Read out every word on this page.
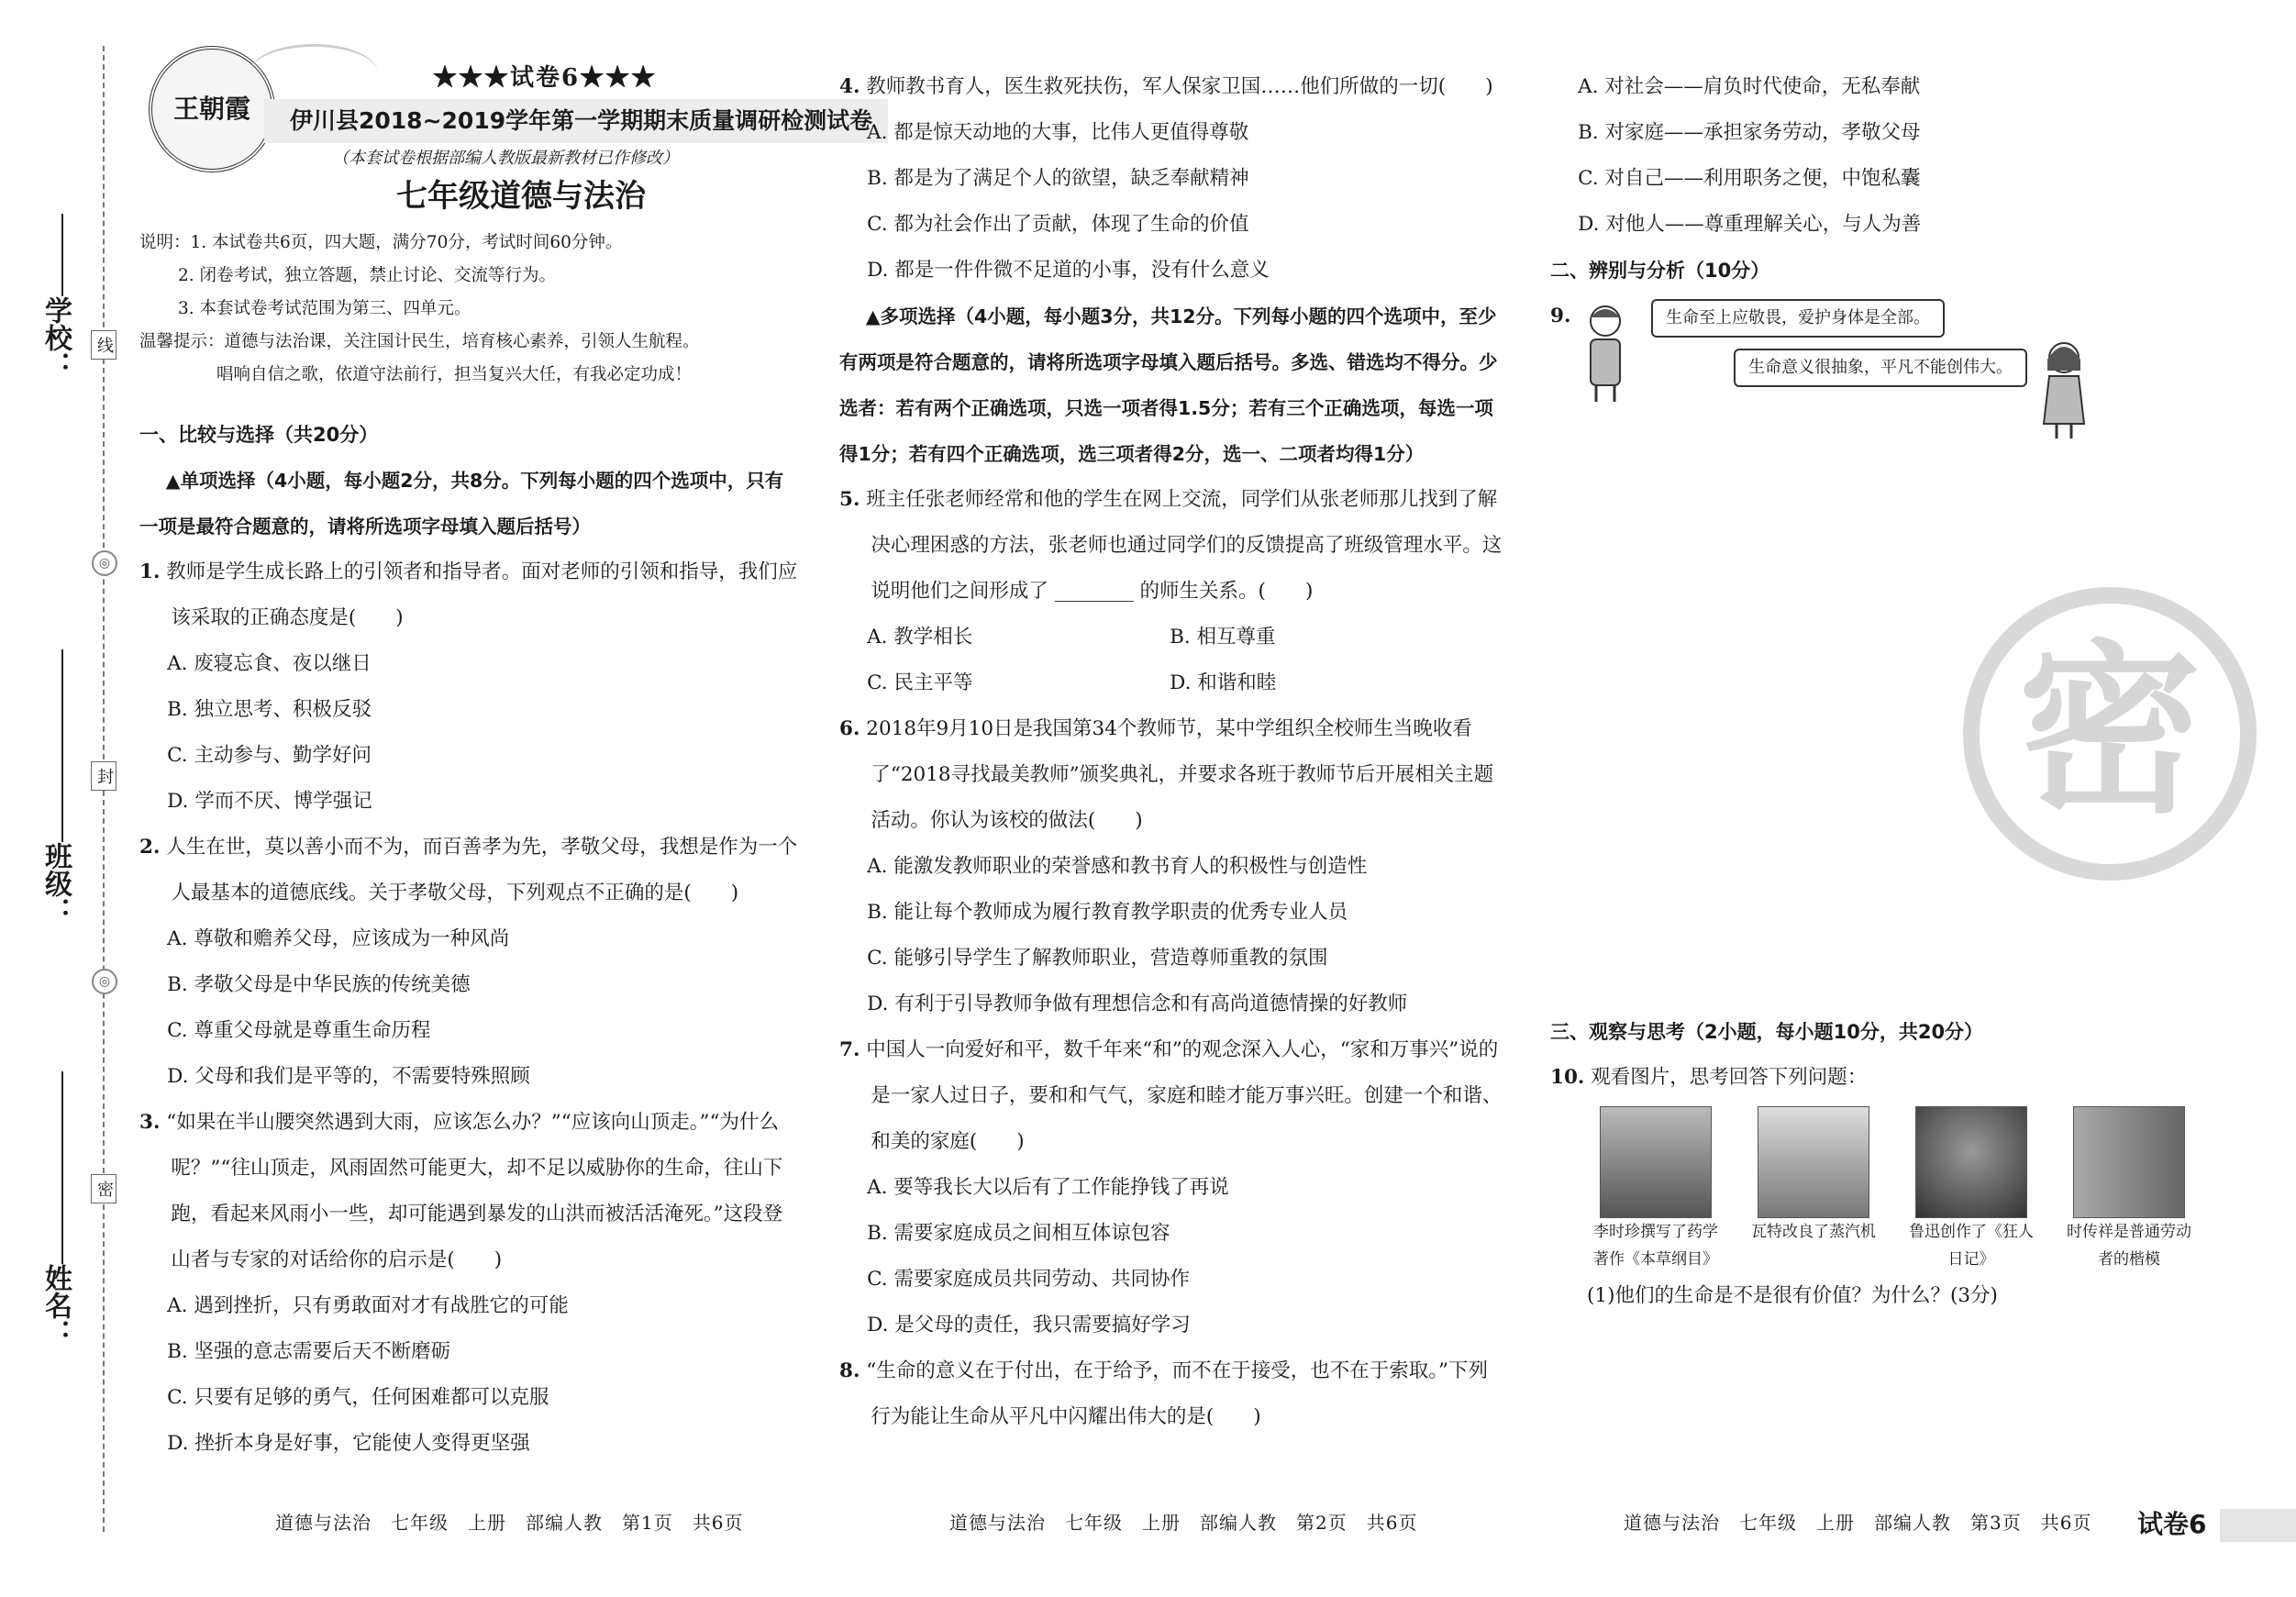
学校：
班级：
姓名：
线
◎
封
◎
密
王朝霞
★★★试卷6★★★
伊川县2018~2019学年第一学期期末质量调研检测试卷
（本套试卷根据部编人教版最新教材已作修改）
七年级道德与法治
说明：1. 本试卷共6页，四大题，满分70分，考试时间60分钟。
2. 闭卷考试，独立答题，禁止讨论、交流等行为。
3. 本套试卷考试范围为第三、四单元。
温馨提示：道德与法治课，关注国计民生，培育核心素养，引领人生航程。
唱响自信之歌，依道守法前行，担当复兴大任，有我必定功成！
一、比较与选择（共20分）
▲单项选择（4小题，每小题2分，共8分。下列每小题的四个选项中，只有一项是最符合题意的，请将所选项字母填入题后括号）
1. 教师是学生成长路上的引领者和指导者。面对老师的引领和指导，我们应该采取的正确态度是(　　)
A. 废寝忘食、夜以继日
B. 独立思考、积极反驳
C. 主动参与、勤学好问
D. 学而不厌、博学强记
2. 人生在世，莫以善小而不为，而百善孝为先，孝敬父母，我想是作为一个人最基本的道德底线。关于孝敬父母，下列观点不正确的是(　　)
A. 尊敬和赡养父母，应该成为一种风尚
B. 孝敬父母是中华民族的传统美德
C. 尊重父母就是尊重生命历程
D. 父母和我们是平等的，不需要特殊照顾
3. “如果在半山腰突然遇到大雨，应该怎么办？”“应该向山顶走。”“为什么呢？”“往山顶走，风雨固然可能更大，却不足以威胁你的生命，往山下跑，看起来风雨小一些，却可能遇到暴发的山洪而被活活淹死。”这段登山者与专家的对话给你的启示是(　　)
A. 遇到挫折，只有勇敢面对才有战胜它的可能
B. 坚强的意志需要后天不断磨砺
C. 只要有足够的勇气，任何困难都可以克服
D. 挫折本身是好事，它能使人变得更坚强
4. 教师教书育人，医生救死扶伤，军人保家卫国……他们所做的一切(　　)
A. 都是惊天动地的大事，比伟人更值得尊敬
B. 都是为了满足个人的欲望，缺乏奉献精神
C. 都为社会作出了贡献，体现了生命的价值
D. 都是一件件微不足道的小事，没有什么意义
▲多项选择（4小题，每小题3分，共12分。下列每小题的四个选项中，至少有两项是符合题意的，请将所选项字母填入题后括号。多选、错选均不得分。少选者：若有两个正确选项，只选一项者得1.5分；若有三个正确选项，每选一项得1分；若有四个正确选项，选三项者得2分，选一、二项者均得1分）
5. 班主任张老师经常和他的学生在网上交流，同学们从张老师那儿找到了解决心理困惑的方法，张老师也通过同学们的反馈提高了班级管理水平。这说明他们之间形成了 ________ 的师生关系。(　　)
A. 教学相长	B. 相互尊重
C. 民主平等	D. 和谐和睦
6. 2018年9月10日是我国第34个教师节，某中学组织全校师生当晚收看了“2018寻找最美教师”颁奖典礼，并要求各班于教师节后开展相关主题活动。你认为该校的做法(　　)
A. 能激发教师职业的荣誉感和教书育人的积极性与创造性
B. 能让每个教师成为履行教育教学职责的优秀专业人员
C. 能够引导学生了解教师职业，营造尊师重教的氛围
D. 有利于引导教师争做有理想信念和有高尚道德情操的好教师
7. 中国人一向爱好和平，数千年来“和”的观念深入人心，“家和万事兴”说的是一家人过日子，要和和气气，家庭和睦才能万事兴旺。创建一个和谐、和美的家庭(　　)
A. 要等我长大以后有了工作能挣钱了再说
B. 需要家庭成员之间相互体谅包容
C. 需要家庭成员共同劳动、共同协作
D. 是父母的责任，我只需要搞好学习
8. “生命的意义在于付出，在于给予，而不在于接受，也不在于索取。”下列行为能让生命从平凡中闪耀出伟大的是(　　)
A. 对社会——肩负时代使命，无私奉献
B. 对家庭——承担家务劳动，孝敬父母
C. 对自己——利用职务之便，中饱私囊
D. 对他人——尊重理解关心，与人为善
二、辨别与分析（10分）
9.	生命至上应敬畏，爱护身体是全部。
生命意义很抽象，平凡不能创伟大。
三、观察与思考（2小题，每小题10分，共20分）
10. 观看图片，思考回答下列问题：
李时珍撰写了药学著作《本草纲目》
瓦特改良了蒸汽机	鲁迅创作了《狂人日记》
时传祥是普通劳动者的楷模
(1)他们的生命是不是很有价值？为什么？(3分)
密
道德与法治　七年级　上册　部编人教　第1页　共6页	道德与法治　七年级　上册　部编人教　第2页　共6页	道德与法治　七年级　上册　部编人教　第3页　共6页 试卷6
